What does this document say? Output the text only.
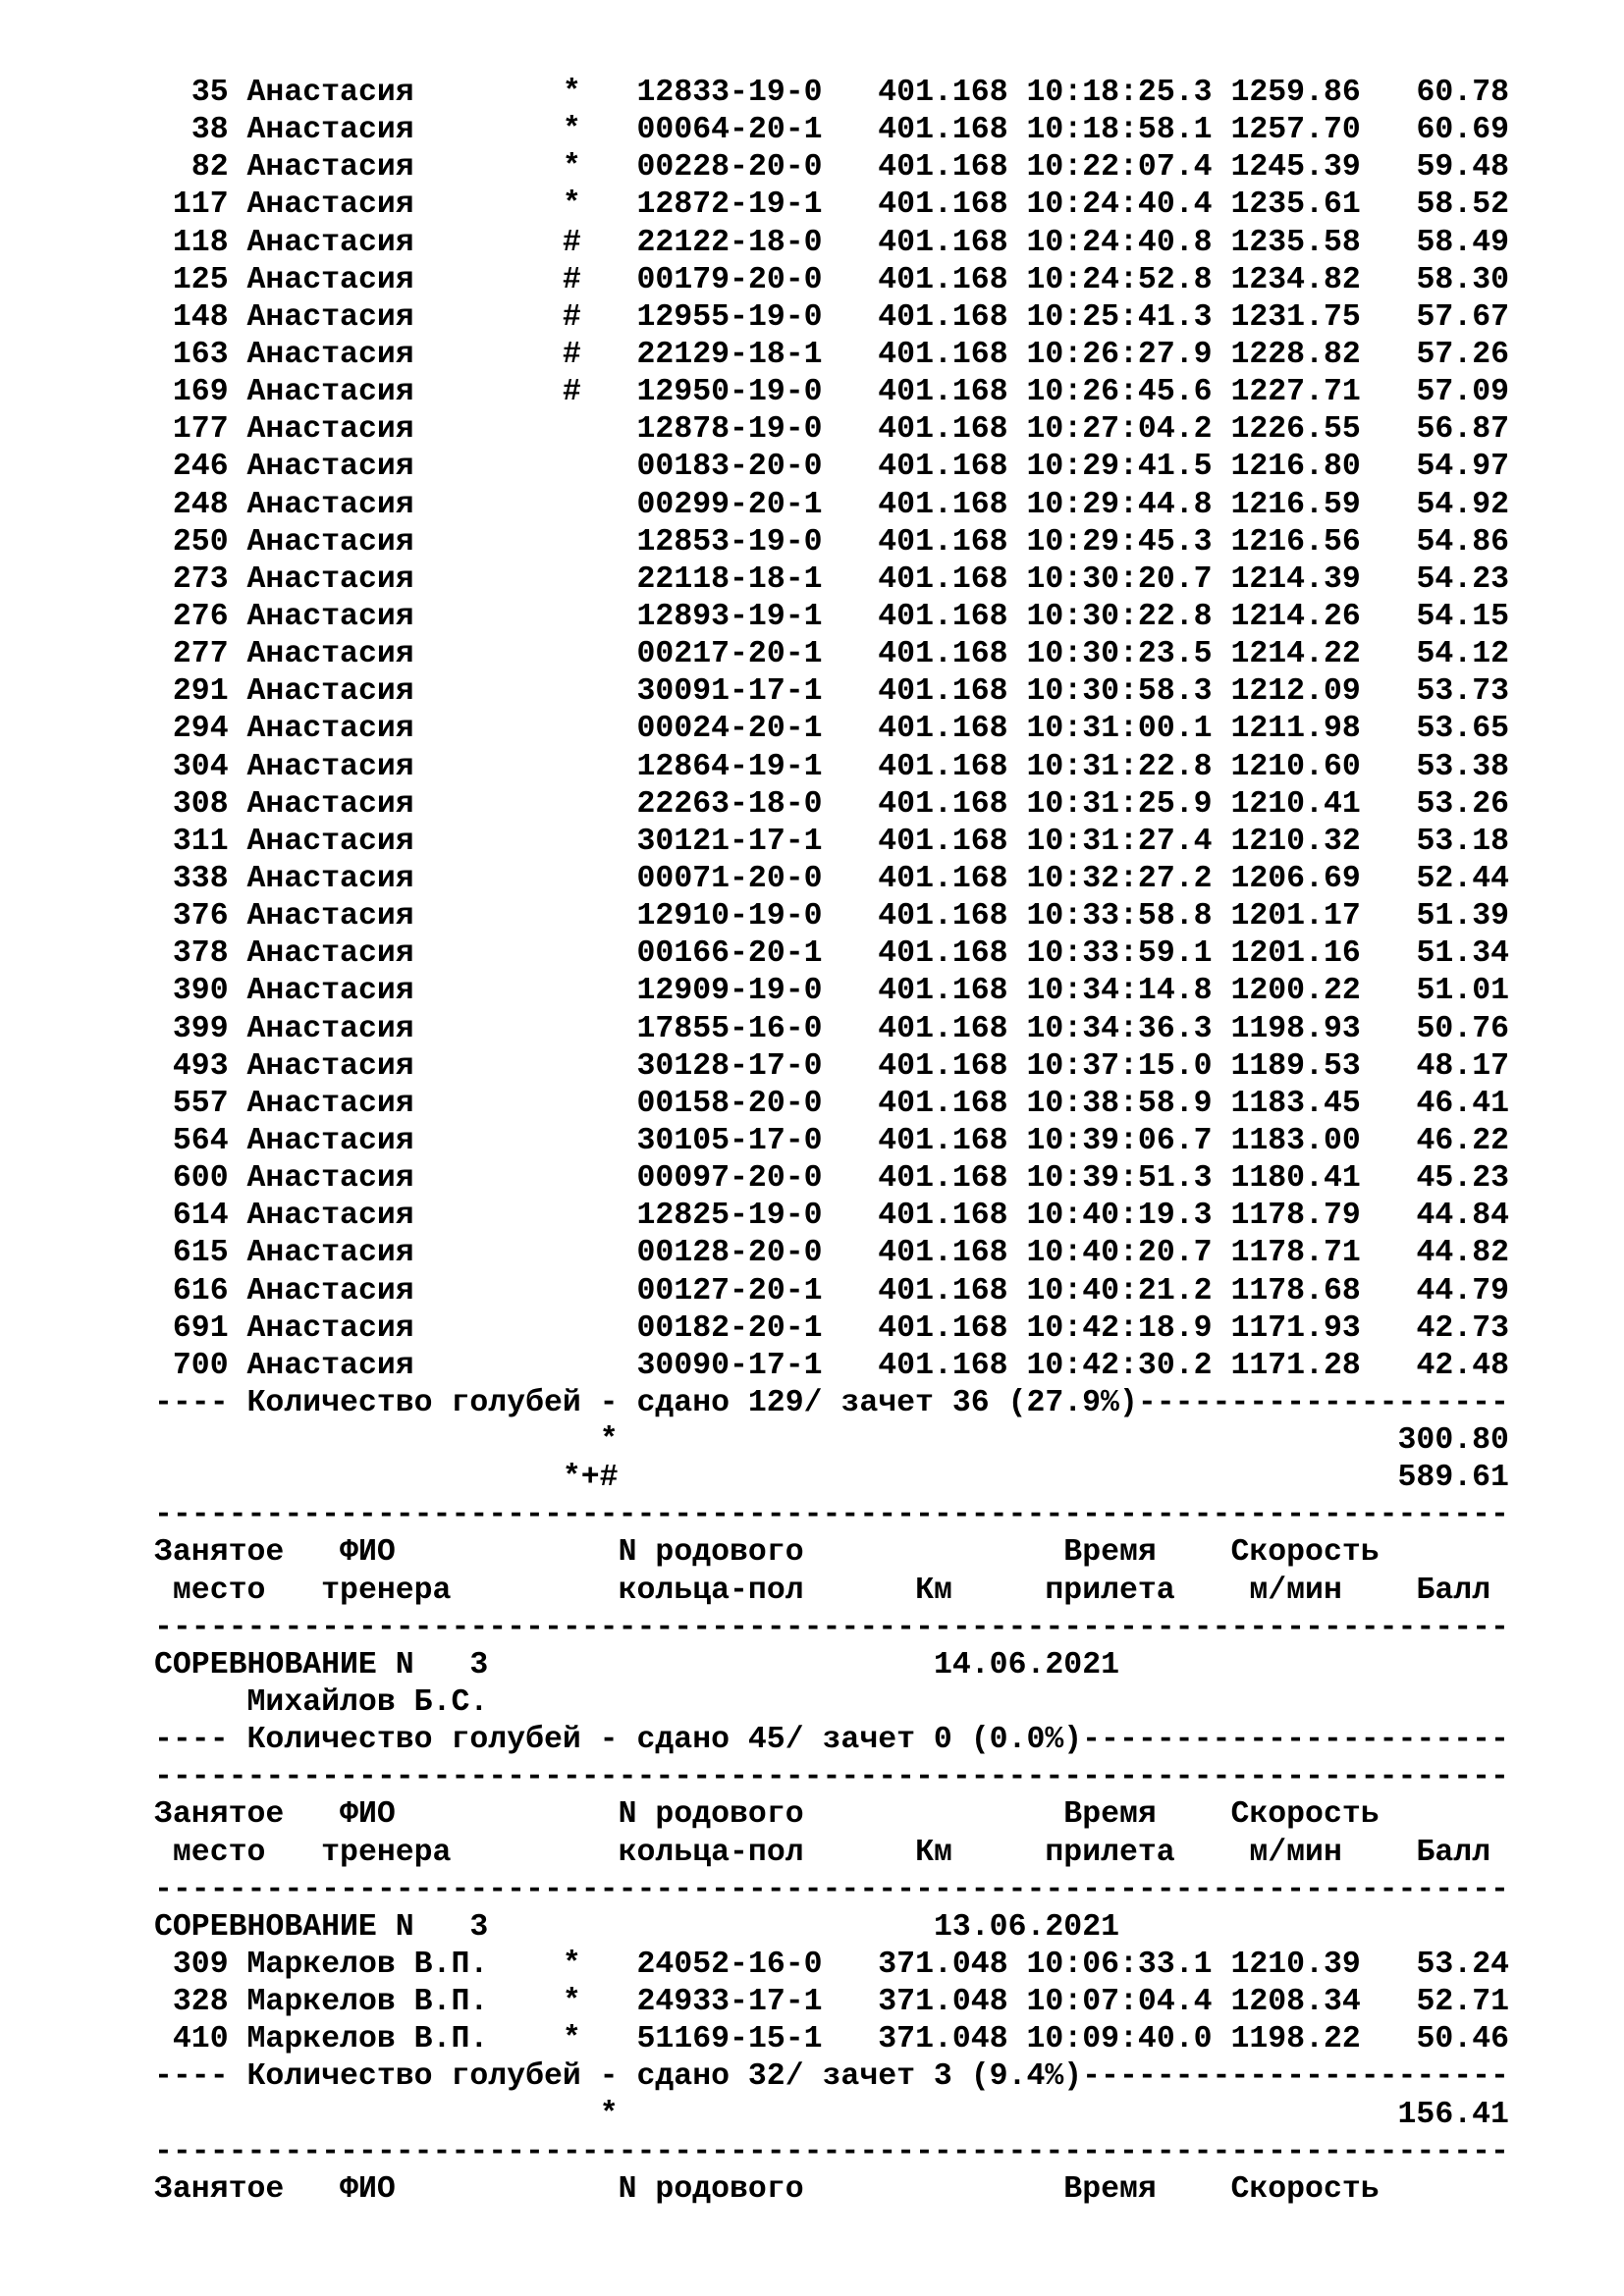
35 Анастасия	* 12833-19-0 401.168 10:18:25.3 1259.86 60.78
38 Анастасия	* 00064-20-1 401.168 10:18:58.1 1257.70 60.69
82 Анастасия	* 00228-20-0 401.168 10:22:07.4 1245.39 59.48
117 Анастасия	* 12872-19-1 401.168 10:24:40.4 1235.61 58.52
118 Анастасия	# 22122-18-0 401.168 10:24:40.8 1235.58 58.49
125 Анастасия	# 00179-20-0 401.168 10:24:52.8 1234.82 58.30
148 Анастасия	# 12955-19-0 401.168 10:25:41.3 1231.75 57.67
163 Анастасия	# 22129-18-1 401.168 10:26:27.9 1228.82 57.26
169 Анастасия	# 12950-19-0 401.168 10:26:45.6 1227.71 57.09
177 Анастасия	12878-19-0 401.168 10:27:04.2 1226.55 56.87
246 Анастасия	00183-20-0 401.168 10:29:41.5 1216.80 54.97
248 Анастасия	00299-20-1 401.168 10:29:44.8 1216.59 54.92
250 Анастасия	12853-19-0 401.168 10:29:45.3 1216.56 54.86
273 Анастасия	22118-18-1 401.168 10:30:20.7 1214.39 54.23
276 Анастасия	12893-19-1 401.168 10:30:22.8 1214.26 54.15
277 Анастасия	00217-20-1 401.168 10:30:23.5 1214.22 54.12
291 Анастасия	30091-17-1 401.168 10:30:58.3 1212.09 53.73
294 Анастасия	00024-20-1 401.168 10:31:00.1 1211.98 53.65
304 Анастасия	12864-19-1 401.168 10:31:22.8 1210.60 53.38
308 Анастасия	22263-18-0 401.168 10:31:25.9 1210.41 53.26
311 Анастасия	30121-17-1 401.168 10:31:27.4 1210.32 53.18
338 Анастасия	00071-20-0 401.168 10:32:27.2 1206.69 52.44
376 Анастасия	12910-19-0 401.168 10:33:58.8 1201.17 51.39
378 Анастасия	00166-20-1 401.168 10:33:59.1 1201.16 51.34
390 Анастасия	12909-19-0 401.168 10:34:14.8 1200.22 51.01
399 Анастасия	17855-16-0 401.168 10:34:36.3 1198.93 50.76
493 Анастасия	30128-17-0 401.168 10:37:15.0 1189.53 48.17
557 Анастасия	00158-20-0 401.168 10:38:58.9 1183.45 46.41
564 Анастасия	30105-17-0 401.168 10:39:06.7 1183.00 46.22
600 Анастасия	00097-20-0 401.168 10:39:51.3 1180.41 45.23
614 Анастасия	12825-19-0 401.168 10:40:19.3 1178.79 44.84
615 Анастасия	00128-20-0 401.168 10:40:20.7 1178.71 44.82
616 Анастасия	00127-20-1 401.168 10:40:21.2 1178.68 44.79
691 Анастасия	00182-20-1 401.168 10:42:18.9 1171.93 42.73
700 Анастасия	30090-17-1 401.168 10:42:30.2 1171.28 42.48
---- Количество голубей - сдано 129/ зачет 36 (27.9%)--------------------
*	300.80
*+#	589.61
-------------------------------------------------------------------------
Занятое ФИО	N родового	Время Скорость
место тренера	кольца-пол	Км	прилета м/мин Балл
-------------------------------------------------------------------------
СОРЕВНОВАНИЕ N 3	14.06.2021
Михайлов Б.С.
---- Количество голубей - сдано 45/ зачет 0 (0.0%)-----------------------
-------------------------------------------------------------------------
Занятое ФИО	N родового	Время Скорость
место тренера	кольца-пол	Км	прилета м/мин Балл
-------------------------------------------------------------------------
СОРЕВНОВАНИЕ N 3	13.06.2021
309 Маркелов В.П. * 24052-16-0 371.048 10:06:33.1 1210.39 53.24
328 Маркелов В.П. * 24933-17-1 371.048 10:07:04.4 1208.34 52.71
410 Маркелов В.П. * 51169-15-1 371.048 10:09:40.0 1198.22 50.46
---- Количество голубей - сдано 32/ зачет 3 (9.4%)-----------------------
*	156.41
-------------------------------------------------------------------------
Занятое ФИО	N родового	Время Скорость
